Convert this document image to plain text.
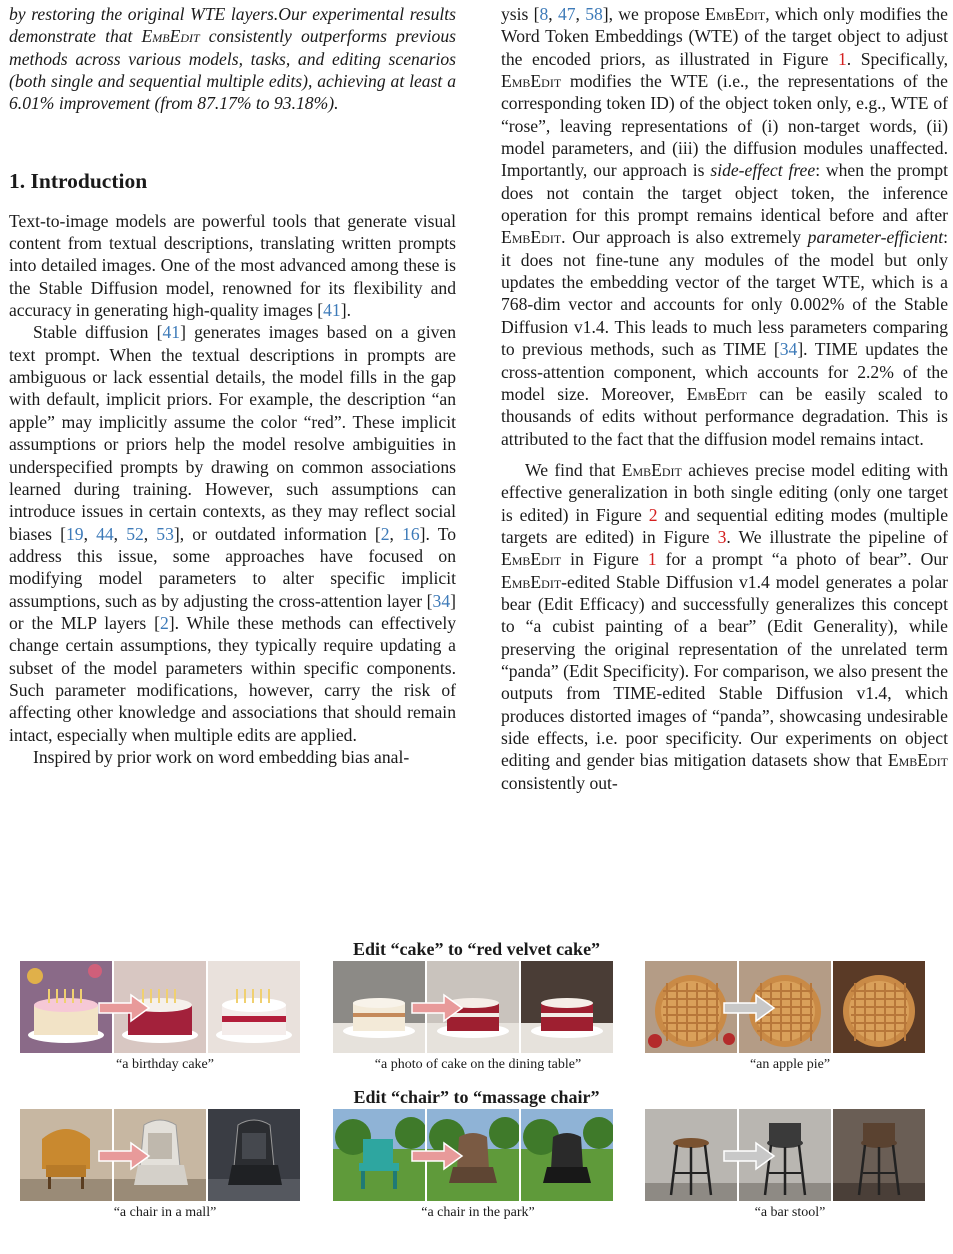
by restoring the original WTE layers.Our experimental results demonstrate that EmbEdit consistently outperforms previous methods across various models, tasks, and editing scenarios (both single and sequential multiple edits), achieving at least a 6.01% improvement (from 87.17% to 93.18%).

1. Introduction

Text-to-image models are powerful tools that generate visual content from textual descriptions, translating written prompts into detailed images. One of the most advanced among these is the Stable Diffusion model, renowned for its flexibility and accuracy in generating high-quality images [41].

Stable diffusion [41] generates images based on a given text prompt. When the textual descriptions in prompts are ambiguous or lack essential details, the model fills in the gap with default, implicit priors. For example, the description “an apple” may implicitly assume the color “red”. These implicit assumptions or priors help the model resolve ambiguities in underspecified prompts by drawing on common associations learned during training. However, such assumptions can introduce issues in certain contexts, as they may reflect social biases [19, 44, 52, 53], or outdated information [2, 16]. To address this issue, some approaches have focused on modifying model parameters to alter specific implicit assumptions, such as by adjusting the cross-attention layer [34] or the MLP layers [2]. While these methods can effectively change certain assumptions, they typically require updating a subset of the model parameters within specific components. Such parameter modifications, however, carry the risk of affecting other knowledge and associations that should remain intact, especially when multiple edits are applied.

Inspired by prior work on word embedding bias anal-

ysis [8, 47, 58], we propose EmbEdit, which only modifies the Word Token Embeddings (WTE) of the target object to adjust the encoded priors, as illustrated in Figure 1. Specifically, EmbEdit modifies the WTE (i.e., the representations of the corresponding token ID) of the object token only, e.g., WTE of “rose”, leaving representations of (i) non-target words, (ii) model parameters, and (iii) the diffusion modules unaffected. Importantly, our approach is side-effect free: when the prompt does not contain the target object token, the inference operation for this prompt remains identical before and after EmbEdit. Our approach is also extremely parameter-efficient: it does not fine-tune any modules of the model but only updates the embedding vector of the target WTE, which is a 768-dim vector and accounts for only 0.002% of the Stable Diffusion v1.4. This leads to much less parameters comparing to previous methods, such as TIME [34]. TIME updates the cross-attention component, which accounts for 2.2% of the model size. Moreover, EmbEdit can be easily scaled to thousands of edits without performance degradation. This is attributed to the fact that the diffusion model remains intact.

We find that EmbEdit achieves precise model editing with effective generalization in both single editing (only one target is edited) in Figure 2 and sequential editing modes (multiple targets are edited) in Figure 3. We illustrate the pipeline of EmbEdit in Figure 1 for a prompt “a photo of bear”. Our EmbEdit-edited Stable Diffusion v1.4 model generates a polar bear (Edit Efficacy) and successfully generalizes this concept to “a cubist painting of a bear” (Edit Generality), while preserving the original representation of the unrelated term “panda” (Edit Specificity). For comparison, we also present the outputs from TIME-edited Stable Diffusion v1.4, which produces distorted images of “panda”, showcasing undesirable side effects, i.e. poor specificity. Our experiments on object editing and gender bias mitigation datasets show that EmbEdit consistently out-

Edit “cake” to “red velvet cake”
“a birthday cake”	“a photo of cake on the dining table”	“an apple pie”
Edit “chair” to “massage chair”
“a chair in a mall”	“a chair in the park”	“a bar stool”
